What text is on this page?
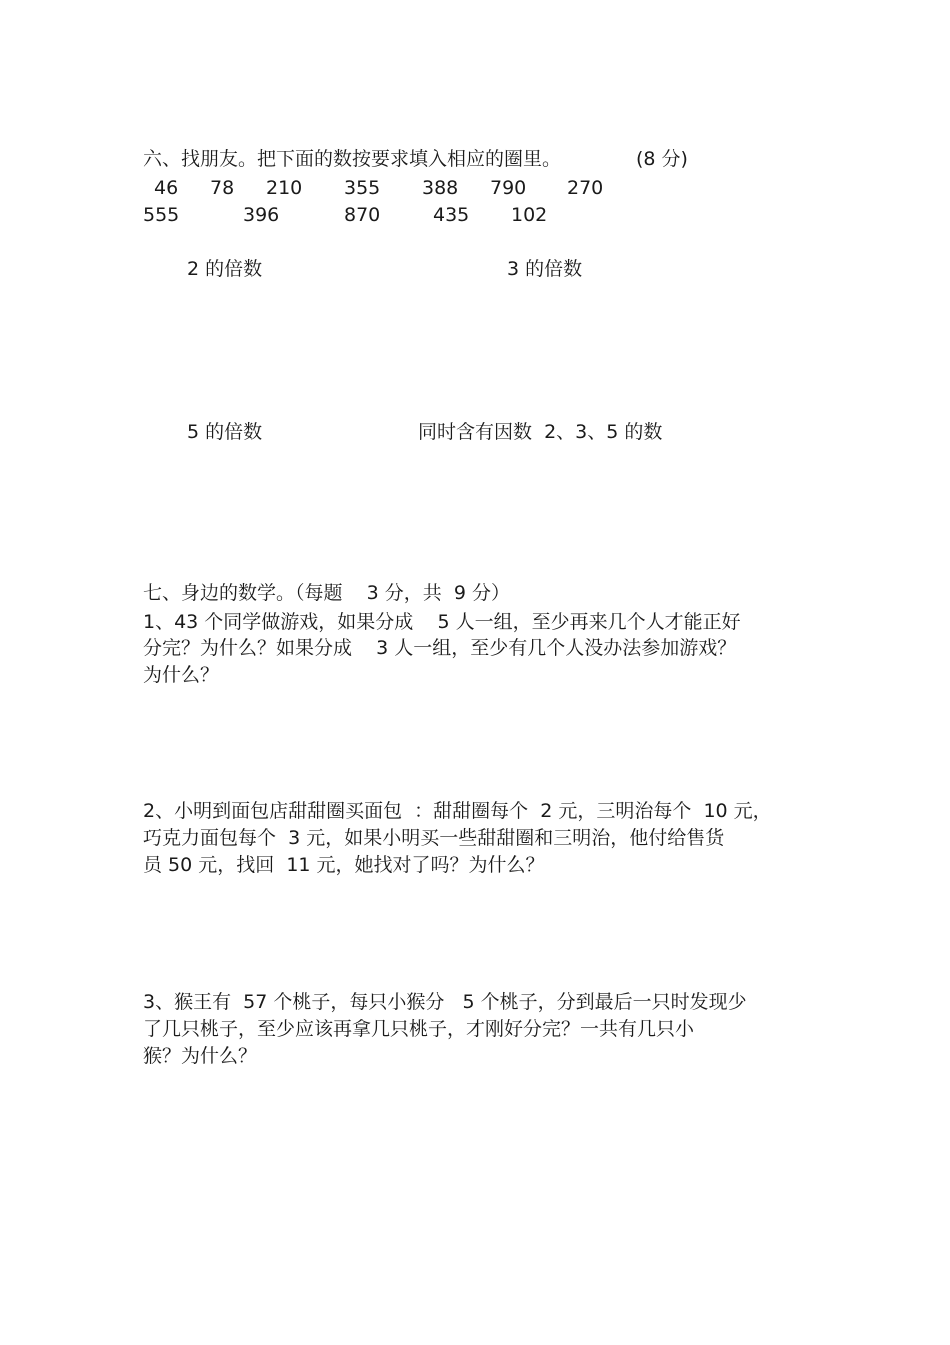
六、找朋友。把下面的数按要求填入相应的圈里。	(8 分)
46 78 210 355 388 790 270
555	396	870	435 102
2 的倍数	3 的倍数
5 的倍数	同时含有因数  2、3、5 的数
七、身边的数学。（每题    3 分，共  9 分）
1、43 个同学做游戏，如果分成    5 人一组，至少再来几个人才能正好
分完？为什么？如果分成    3 人一组，至少有几个人没办法参加游戏？
为什么？
2、小明到面包店甜甜圈买面包  ：甜甜圈每个  2 元，三明治每个  10 元，
巧克力面包每个  3 元，如果小明买一些甜甜圈和三明治，他付给售货
员 50 元，找回  11 元，她找对了吗？为什么？
3、猴王有  57 个桃子，每只小猴分   5 个桃子，分到最后一只时发现少
了几只桃子，至少应该再拿几只桃子，才刚好分完？一共有几只小
猴？为什么？
